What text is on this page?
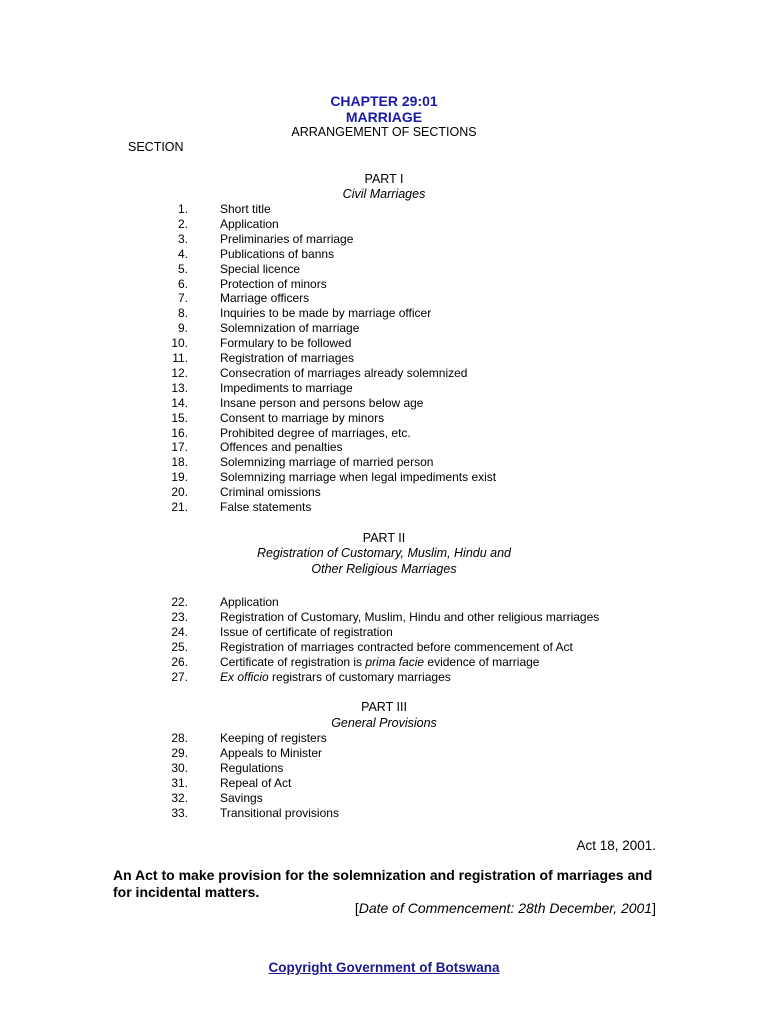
CHAPTER 29:01
MARRIAGE
ARRANGEMENT OF SECTIONS
SECTION
PART I
Civil Marriages
1.	Short title
2.	Application
3.	Preliminaries of marriage
4.	Publications of banns
5.	Special licence
6.	Protection of minors
7.	Marriage officers
8.	Inquiries to be made by marriage officer
9.	Solemnization of marriage
10.	Formulary to be followed
11.	Registration of marriages
12.	Consecration of marriages already solemnized
13.	Impediments to marriage
14.	Insane person and persons below age
15.	Consent to marriage by minors
16.	Prohibited degree of marriages, etc.
17.	Offences and penalties
18.	Solemnizing marriage of married person
19.	Solemnizing marriage when legal impediments exist
20.	Criminal omissions
21.	False statements
PART II
Registration of Customary, Muslim, Hindu and
Other Religious Marriages
22.	Application
23.	Registration of Customary, Muslim, Hindu and other religious marriages
24.	Issue of certificate of registration
25.	Registration of marriages contracted before commencement of Act
26.	Certificate of registration is prima facie evidence of marriage
27.	Ex officio registrars of customary marriages
PART III
General Provisions
28.	Keeping of registers
29.	Appeals to Minister
30.	Regulations
31.	Repeal of Act
32.	Savings
33.	Transitional provisions
Act 18, 2001.
An Act to make provision for the solemnization and registration of marriages and
for incidental matters.
[Date of Commencement: 28th December, 2001]
Copyright Government of Botswana
